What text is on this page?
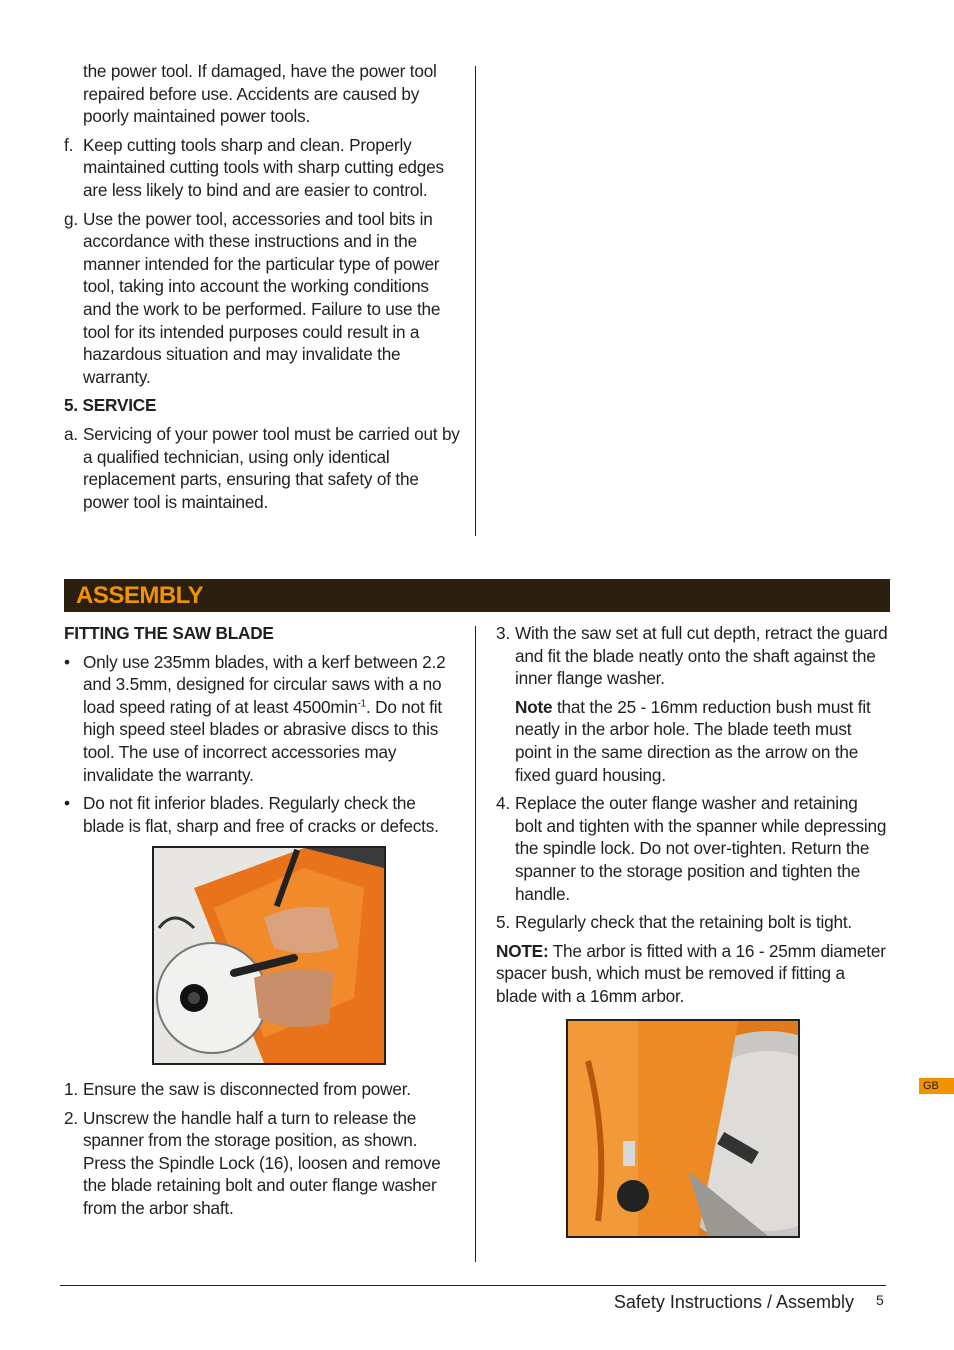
the power tool. If damaged, have the power tool repaired before use. Accidents are caused by poorly maintained power tools.

f. Keep cutting tools sharp and clean. Properly maintained cutting tools with sharp cutting edges are less likely to bind and are easier to control.
g. Use the power tool, accessories and tool bits in accordance with these instructions and in the manner intended for the particular type of power tool, taking into account the working conditions and the work to be performed. Failure to use the tool for its intended purposes could result in a hazardous situation and may invalidate the warranty.

5. SERVICE

a. Servicing of your power tool must be carried out by a qualified technician, using only identical replacement parts, ensuring that safety of the power tool is maintained.
ASSEMBLY

FITTING THE SAW BLADE

• Only use 235mm blades, with a kerf between 2.2 and 3.5mm, designed for circular saws with a no load speed rating of at least $4500\min^{-1}$. Do not fit high speed steel blades or abrasive discs to this tool. The use of incorrect accessories may invalidate the warranty.
• Do not fit inferior blades. Regularly check the blade is flat, sharp and free of cracks or defects.
1. Ensure the saw is disconnected from power.
2. Unscrew the handle half a turn to release the spanner from the storage position, as shown. Press the Spindle Lock (16), loosen and remove the blade retaining bolt and outer flange washer from the arbor shaft.
3. With the saw set at full cut depth, retract the guard and fit the blade neatly onto the shaft against the inner flange washer.

Note that the 25 - 16mm reduction bush must fit neatly in the arbor hole. The blade teeth must point in the same direction as the arrow on the fixed guard housing.

4. Replace the outer flange washer and retaining bolt and tighten with the spanner while depressing the spindle lock. Do not over-tighten. Return the spanner to the storage position and tighten the handle.
5. Regularly check that the retaining bolt is tight.

NOTE: The arbor is fitted with a 16 - 25mm diameter spacer bush, which must be removed if fitting a blade with a 16mm arbor.

GB
Safety Instructions / Assembly 5
